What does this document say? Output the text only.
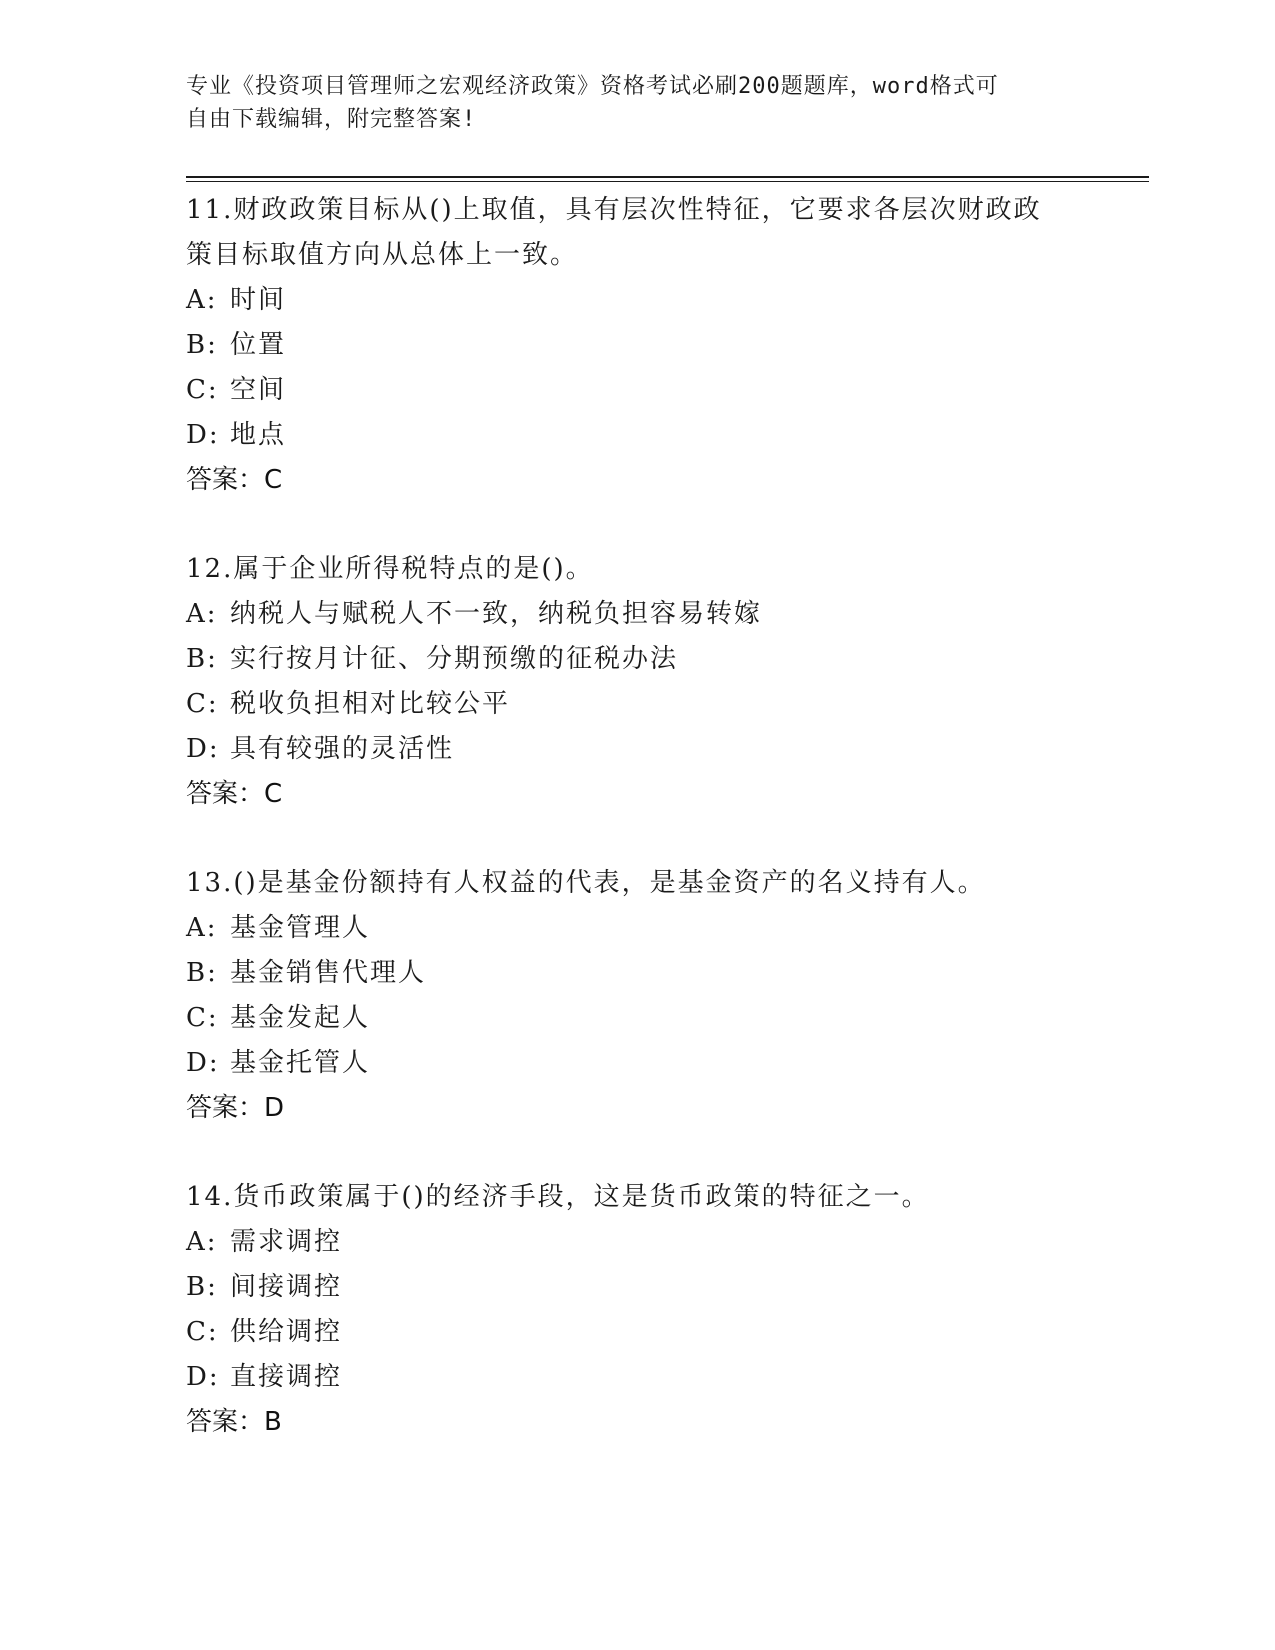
专业《投资项目管理师之宏观经济政策》资格考试必刷200题题库，word格式可
自由下载编辑，附完整答案!
11.财政政策目标从()上取值，具有层次性特征，它要求各层次财政政
策目标取值方向从总体上一致。
A: 时间
B: 位置
C: 空间
D: 地点
答案：C
12.属于企业所得税特点的是()。
A: 纳税人与赋税人不一致，纳税负担容易转嫁
B: 实行按月计征、分期预缴的征税办法
C: 税收负担相对比较公平
D: 具有较强的灵活性
答案：C
13.()是基金份额持有人权益的代表，是基金资产的名义持有人。
A: 基金管理人
B: 基金销售代理人
C: 基金发起人
D: 基金托管人
答案：D
14.货币政策属于()的经济手段，这是货币政策的特征之一。
A: 需求调控
B: 间接调控
C: 供给调控
D: 直接调控
答案：B
